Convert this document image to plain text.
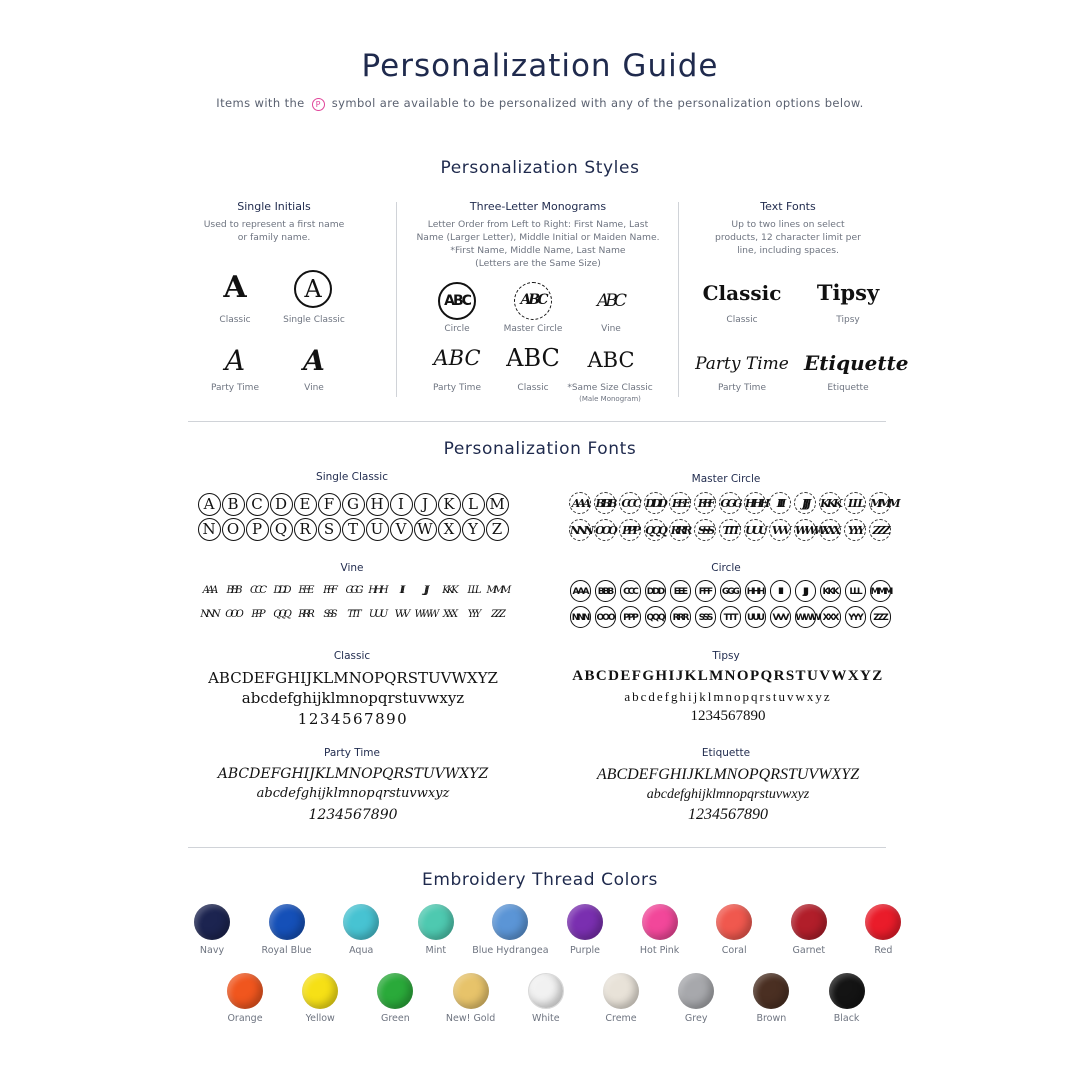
Personalization Guide
Items with the P symbol are available to be personalized with any of the personalization options below.
Personalization Styles
Single Initials
Used to represent a first name
or family name.
A
Classic
A
Single Classic
A
Party Time
A
Vine
Three-Letter Monograms
Letter Order from Left to Right: First Name, Last
Name (Larger Letter), Middle Initial or Maiden Name.
*First Name, Middle Name, Last Name
(Letters are the Same Size)
ABC
Circle
ABC
Master Circle
ABC
Vine
ABC
Party Time
ABC
Classic
ABC
*Same Size Classic
(Male Monogram)
Text Fonts
Up to two lines on select
products, 12 character limit per
line, including spaces.
Classic
Classic
Tipsy
Tipsy
Party Time
Party Time
Etiquette
Etiquette
Personalization Fonts
Single Classic
A B C D E F G H I	J	K L M
N O P Q R S T U V W X Y Z
Master Circle
AAA BBB CCC DDD EEE FFF GGG HHH III	JJJ	KKK LLL MMM
NNN OOO PPP QQQ RRR SSS TTT UUU VVV WWW
XXX YYY ZZZ
Vine
AAA	BBB	CCC DDD	EEE	FFF	GGG HHH	III	JJJ	KKK	LLL MMM
NNN OOO	PPP	QQQ RRR	SSS	TTT	UUU VVV WWW XXX	YYY	ZZZ
Circle
AAA	BBB	CCC	DDD	EEE	FFF	GGG HHH	III	JJJ	KKK	LLL	MMM
NNN OOO	PPP	QQQ	RRR	SSS	TTT	UUU	VVV WWW XXX	YYY	ZZZ
Classic
ABCDEFGHIJKLMNOPQRSTUVWXYZ
abcdefghijklmnopqrstuvwxyz
1234567890
Tipsy
ABCDEFGHIJKLMNOPQRSTUVWXYZ
abcdefghijklmnopqrstuvwxyz
1234567890
Party Time
ABCDEFGHIJKLMNOPQRSTUVWXYZ
abcdefghijklmnopqrstuvwxyz
1234567890
Etiquette
ABCDEFGHIJKLMNOPQRSTUVWXYZ
abcdefghijklmnopqrstuvwxyz
1234567890
Embroidery Thread Colors
Navy	Royal Blue	Aqua	Mint	Blue Hydrangea	Purple	Hot Pink	Coral	Garnet	Red
Orange	Yellow	Green	New! Gold	White	Creme	Grey	Brown	Black
